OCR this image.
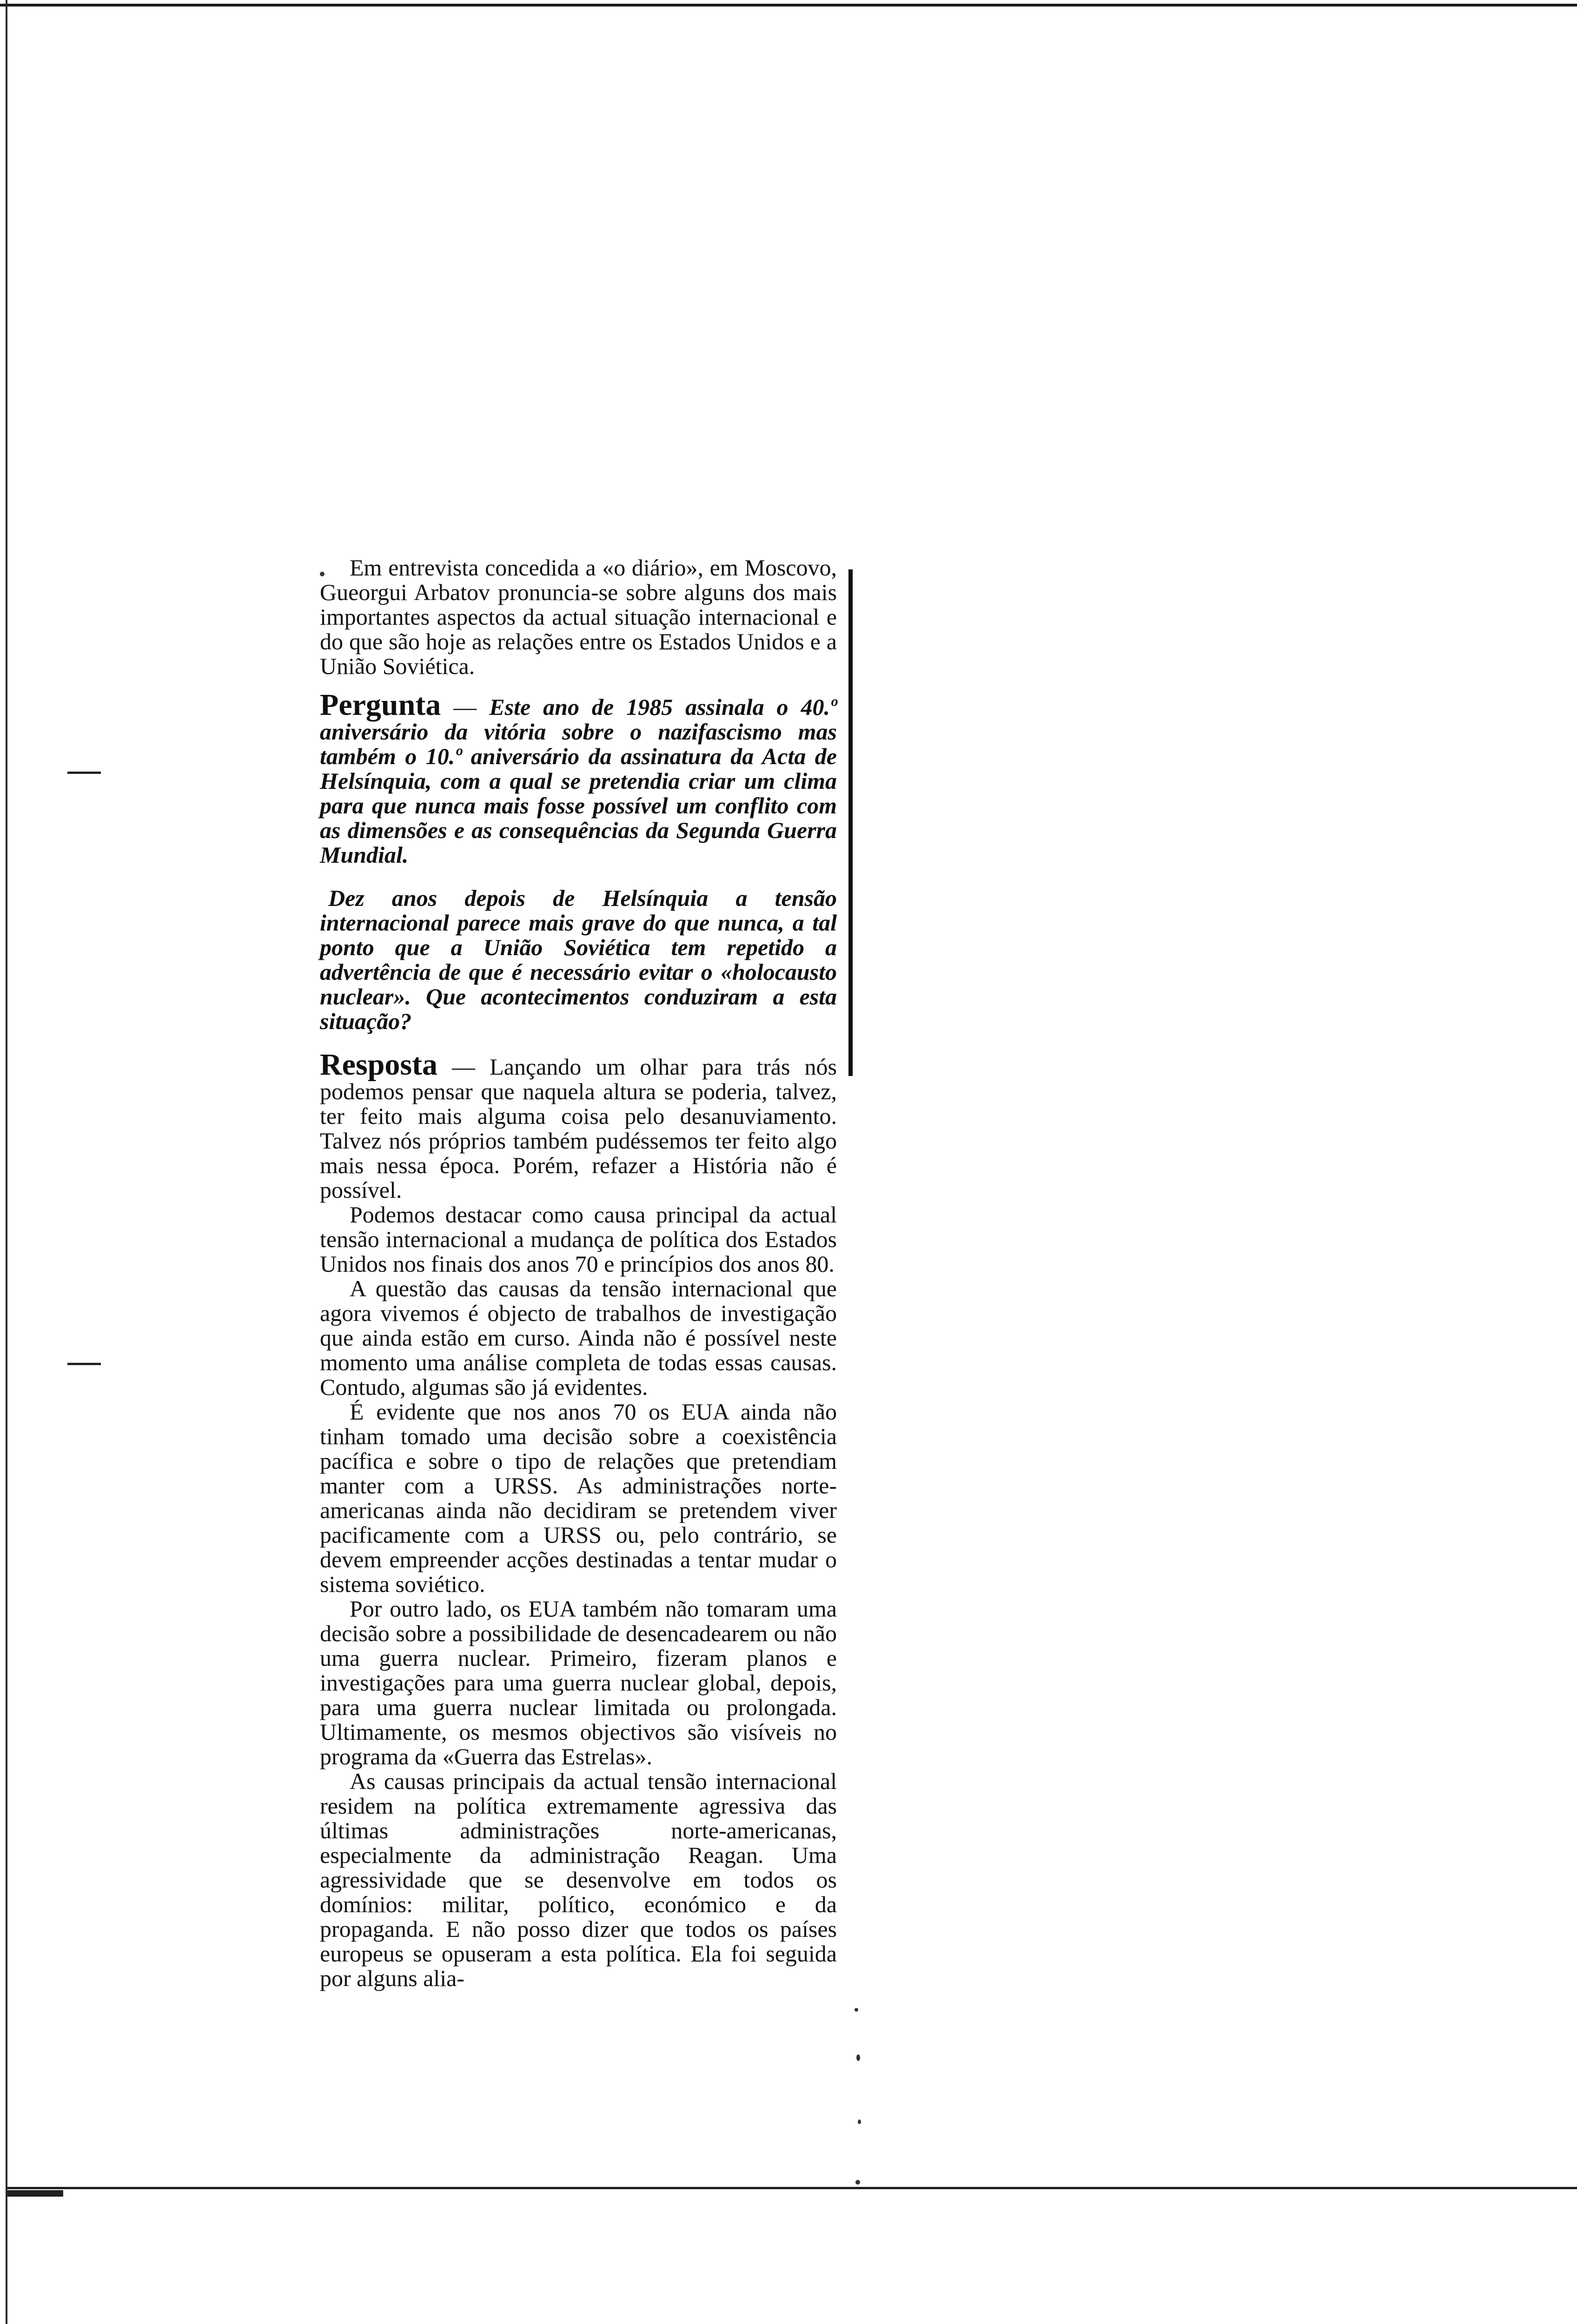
Em entrevista concedida a «o diário», em Moscovo, Gueorgui Arbatov pronuncia-se sobre alguns dos mais importantes aspectos da actual situação internacional e do que são hoje as relações entre os Estados Unidos e a União Soviética.

Pergunta — Este ano de 1985 assinala o 40.º aniversário da vitória sobre o nazifascismo mas também o 10.º aniversário da assinatura da Acta de Helsínquia, com a qual se pretendia criar um clima para que nunca mais fosse possível um conflito com as dimensões e as consequências da Segunda Guerra Mundial.

Dez anos depois de Helsínquia a tensão internacional parece mais grave do que nunca, a tal ponto que a União Soviética tem repetido a advertência de que é necessário evitar o «holocausto nuclear». Que acontecimentos conduziram a esta situação?

Resposta — Lançando um olhar para trás nós podemos pensar que naquela altura se poderia, talvez, ter feito mais alguma coisa pelo desanuviamento. Talvez nós próprios também pudéssemos ter feito algo mais nessa época. Porém, refazer a História não é possível.

Podemos destacar como causa principal da actual tensão internacional a mudança de política dos Estados Unidos nos finais dos anos 70 e princípios dos anos 80.

A questão das causas da tensão internacional que agora vivemos é objecto de trabalhos de investigação que ainda estão em curso. Ainda não é possível neste momento uma análise completa de todas essas causas. Contudo, algumas são já evidentes.

É evidente que nos anos 70 os EUA ainda não tinham tomado uma decisão sobre a coexistência pacífica e sobre o tipo de relações que pretendiam manter com a URSS. As administrações norte-americanas ainda não decidiram se pretendem viver pacificamente com a URSS ou, pelo contrário, se devem empreender acções destinadas a tentar mudar o sistema soviético.

Por outro lado, os EUA também não tomaram uma decisão sobre a possibilidade de desencadearem ou não uma guerra nuclear. Primeiro, fizeram planos e investigações para uma guerra nuclear global, depois, para uma guerra nuclear limitada ou prolongada. Ultimamente, os mesmos objectivos são visíveis no programa da «Guerra das Estrelas».

As causas principais da actual tensão internacional residem na política extremamente agressiva das últimas administrações norte-americanas, especialmente da administração Reagan. Uma agressividade que se desenvolve em todos os domínios: militar, político, económico e da propaganda. E não posso dizer que todos os países europeus se opuseram a esta política. Ela foi seguida por alguns alia-
